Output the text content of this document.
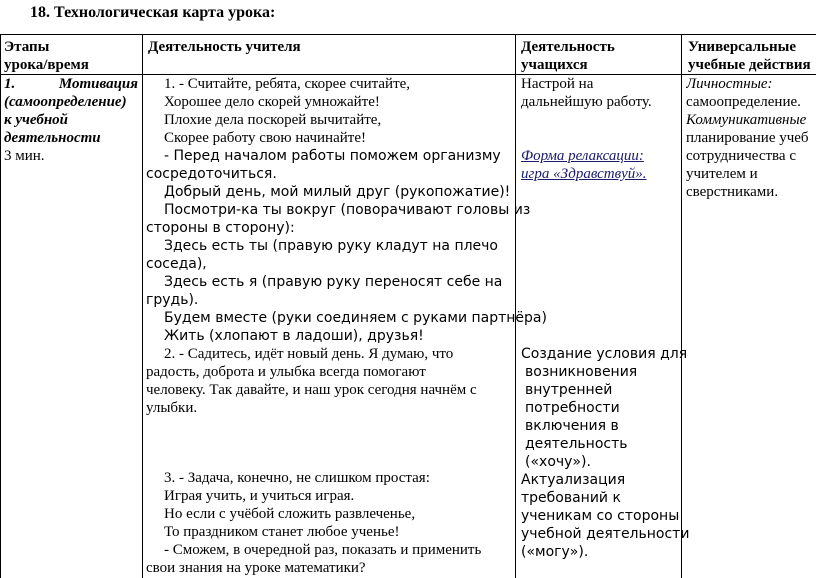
18. Технологическая карта урока:
Этапы
урока/время
Деятельность учителя	Деятельность
учащихся
Универсальные
учебные действия
1.	Мотивация
(самоопределение)
к учебной
деятельности
3 мин.
1. - Считайте, ребята, скорее считайте,
Хорошее дело скорей умножайте!
Плохие дела поскорей вычитайте,
Скорее работу свою начинайте!
- Перед началом работы поможем организму
сосредоточиться.
Добрый день, мой милый друг (рукопожатие)!
Посмотри-ка ты вокруг (поворачивают головы из
стороны в сторону):
Здесь есть ты (правую руку кладут на плечо
соседа),
Здесь есть я (правую руку переносят себе на
грудь).
Будем вместе (руки соединяем с руками партнёра)
Жить (хлопают в ладоши), друзья!
2. - Садитесь, идёт новый день. Я думаю, что
радость, доброта и улыбка всегда помогают
человеку. Так давайте, и наш урок сегодня начнём с
улыбки.
3. - Задача, конечно, не слишком простая:
Играя учить, и учиться играя.
Но если с учёбой сложить развлеченье,
То праздником станет любое ученье!
- Сможем, в очередной раз, показать и применить
свои знания на уроке математики?
Настрой на
дальнейшую работу.
Форма релаксации:
игра «Здравствуй».
Создание условия для
возникновения
внутренней
потребности
включения в
деятельность
(«хочу»).
Актуализация
требований к
ученикам со стороны
учебной деятельности
(«могу»).
Личностные:
самоопределение.
Коммуникативные
планирование учеб
сотрудничества с
учителем и
сверстниками.
